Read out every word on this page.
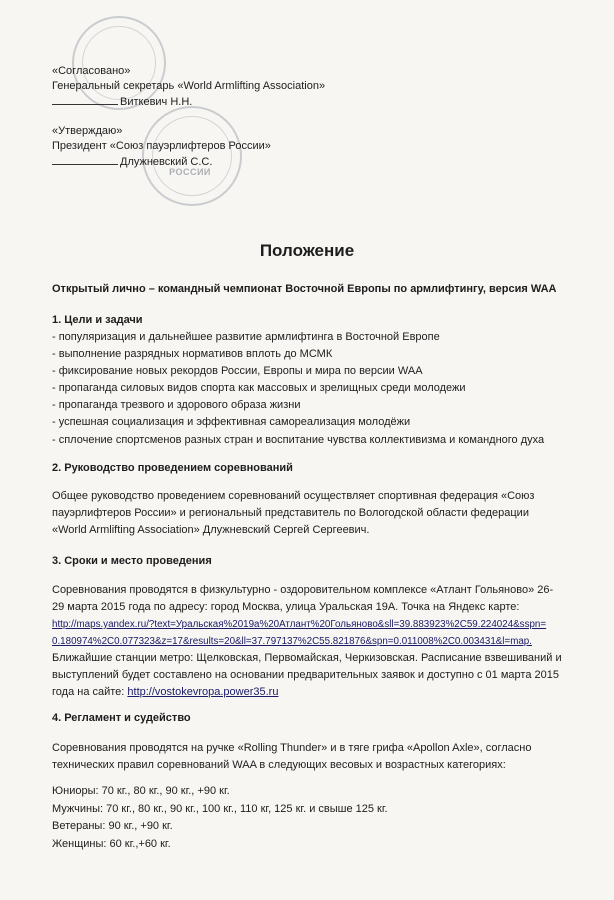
РОССИИ
«Согласовано»
Генеральный секретарь «World Armlifting Association»
Виткевич Н.Н.
«Утверждаю»
Президент «Союз пауэрлифтеров России»
Длужневский С.С.
Положение
Открытый лично – командный чемпионат Восточной Европы по армлифтингу, версия WAA
1. Цели и задачи
- популяризация и дальнейшее развитие армлифтинга в Восточной Европе
- выполнение разрядных нормативов вплоть до МСМК
- фиксирование новых рекордов России, Европы и мира по версии WAA
- пропаганда силовых видов спорта как массовых и зрелищных среди молодежи
- пропаганда трезвого и здорового образа жизни
- успешная социализация и эффективная самореализация молодёжи
- сплочение спортсменов разных стран и воспитание чувства коллективизма и командного духа
2. Руководство проведением соревнований
Общее руководство проведением соревнований осуществляет спортивная федерация «Союз
пауэрлифтеров России» и региональный представитель по Вологодской области федерации
«World Armlifting Association» Длужневский Сергей Сергеевич.
3. Сроки и место проведения
Соревнования проводятся в физкультурно - оздоровительном комплексе «Атлант Гольяново» 26-
29 марта 2015 года по адресу: город Москва, улица Уральская 19А. Точка на Яндекс карте:
http://maps.yandex.ru/?text=Уральская%2019a%20Атлант%20Гольяново&sll=39.883923%2C59.224024&sspn=
0.180974%2C0.077323&z=17&results=20&ll=37.797137%2C55.821876&spn=0.011008%2C0.003431&l=map.
Ближайшие станции метро: Щелковская, Первомайская, Черкизовская. Расписание взвешиваний и
выступлений будет составлено на основании предварительных заявок и доступно с 01 марта 2015
года на сайте: http://vostokevropa.power35.ru
4. Регламент и судейство
Соревнования проводятся на ручке «Rolling Thunder» и в тяге грифа «Apollon Axle», согласно
технических правил соревнований WAA в следующих весовых и возрастных категориях:
Юниоры: 70 кг., 80 кг., 90 кг., +90 кг.
Мужчины: 70 кг., 80 кг., 90 кг., 100 кг., 110 кг, 125 кг. и свыше 125 кг.
Ветераны: 90 кг., +90 кг.
Женщины: 60 кг.,+60 кг.
